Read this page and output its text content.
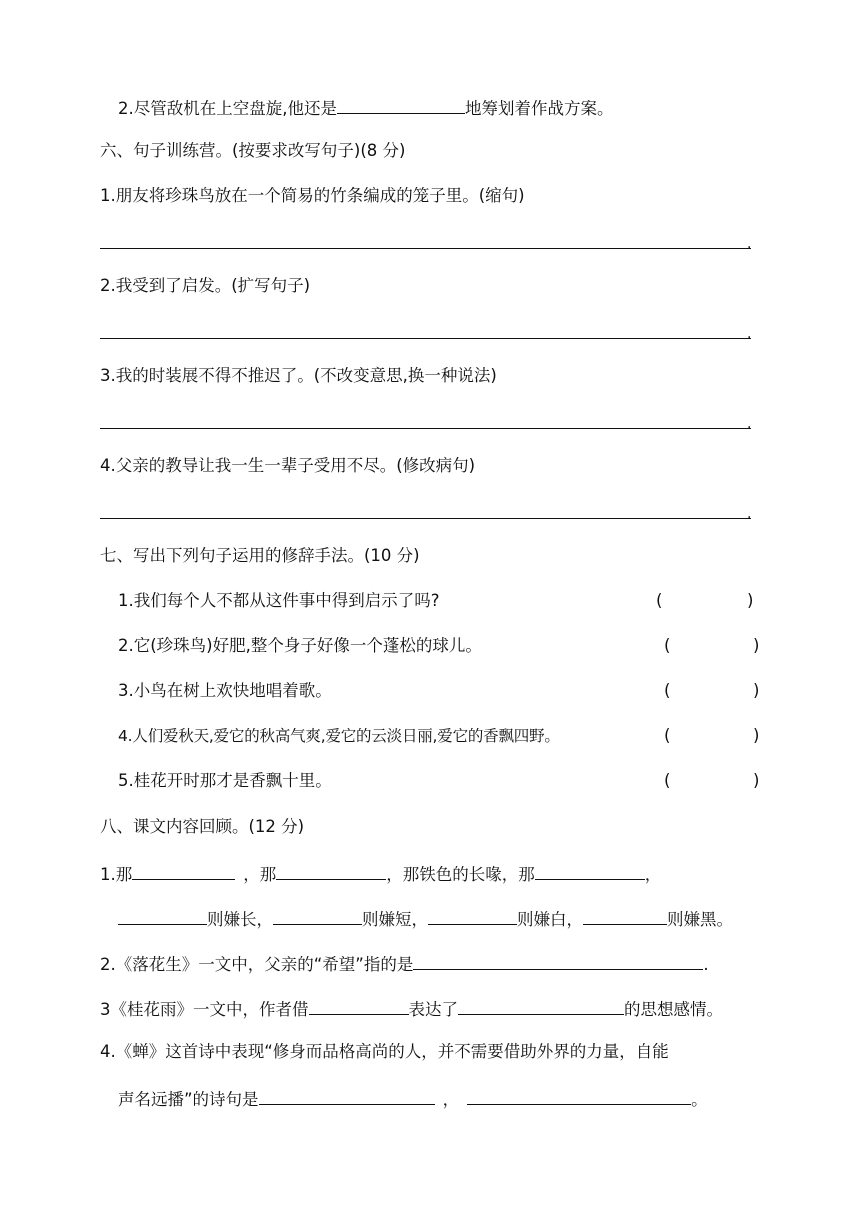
2.尽管敌机在上空盘旋,他还是	地筹划着作战方案。
六、句子训练营。(按要求改写句子)(8 分)
1.朋友将珍珠鸟放在一个简易的竹条编成的笼子里。(缩句)
.
2.我受到了启发。(扩写句子)
.
3.我的时装展不得不推迟了。(不改变意思,换一种说法)
.
4.父亲的教导让我一生一辈子受用不尽。(修改病句)
.
七、写出下列句子运用的修辞手法。(10 分)
1.我们每个人不都从这件事中得到启示了吗?	(	)
2.它(珍珠鸟)好肥,整个身子好像一个蓬松的球儿。	(	)
3.小鸟在树上欢快地唱着歌。	(	)
4.人们爱秋天,爱它的秋高气爽,爱它的云淡日丽,爱它的香飘四野。	(	)
5.桂花开时那才是香飘十里。	(	)
八、课文内容回顾。(12 分)
1.那	，那	，那铁色的长喙，那	，
则嫌长，	则嫌短，	则嫌白，	则嫌黑。
2.《落花生》一文中，父亲的“希望”指的是	.
3《桂花雨》一文中，作者借	表达了	的思想感情。
4.《蝉》这首诗中表现“修身而品格高尚的人，并不需要借助外界的力量，自能
声名远播”的诗句是	，	。
